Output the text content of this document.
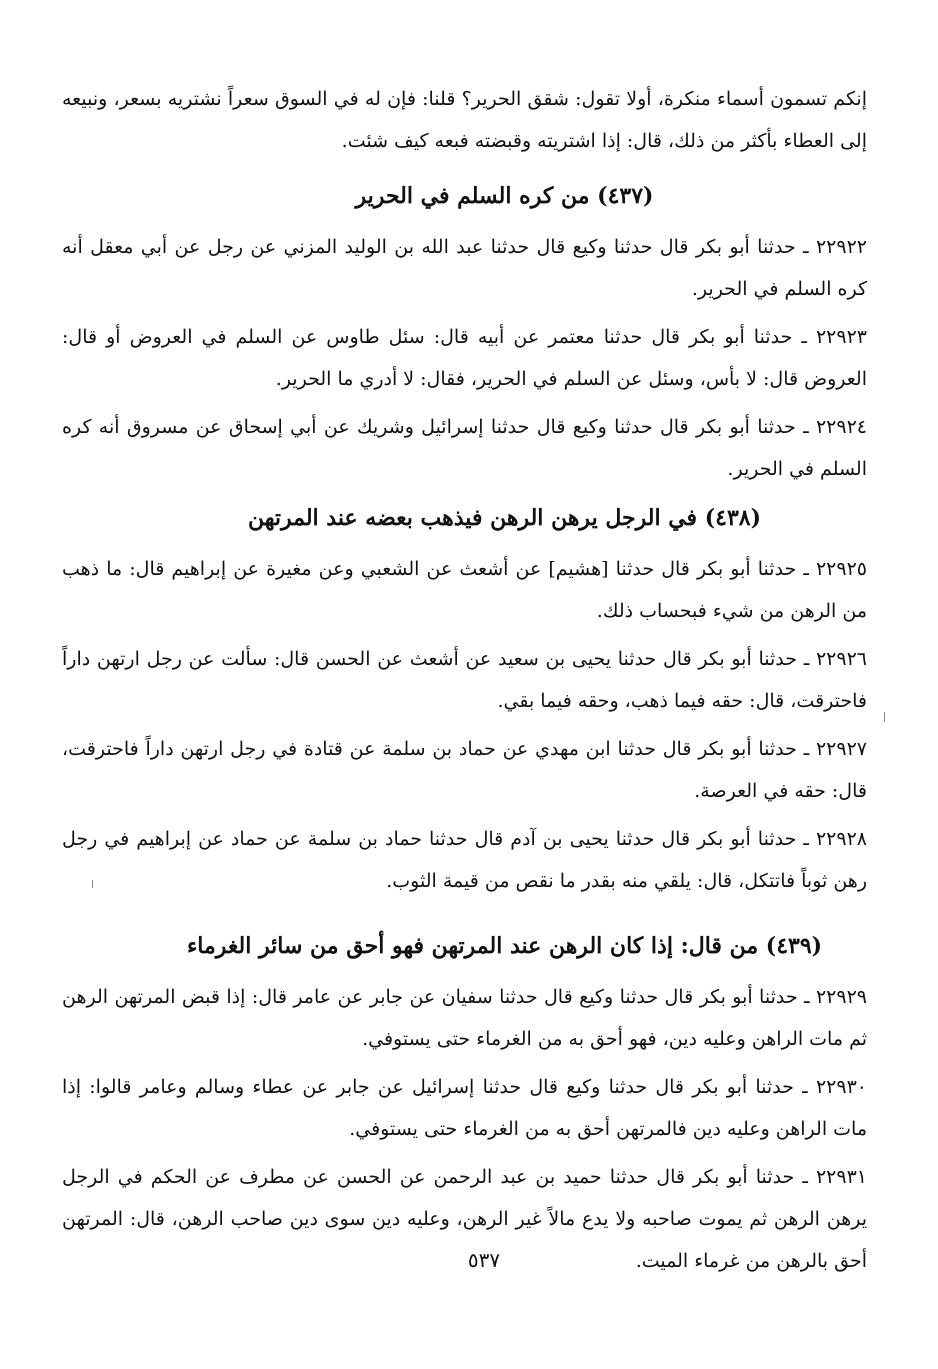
إنكم تسمون أسماء منكرة، أولا تقول: شقق الحرير؟ قلنا: فإن له في السوق سعراً نشتريه بسعر، ونبيعه إلى العطاء بأكثر من ذلك، قال: إذا اشتريته وقبضته فبعه كيف شئت.

(٤٣٧) من كره السلم في الحرير

٢٢٩٢٢ ـ حدثنا أبو بكر قال حدثنا وكيع قال حدثنا عبد الله بن الوليد المزني عن رجل عن أبي معقل أنه كره السلم في الحرير.

٢٢٩٢٣ ـ حدثنا أبو بكر قال حدثنا معتمر عن أبيه قال: سئل طاوس عن السلم في العروض أو قال: العروض قال: لا بأس، وسئل عن السلم في الحرير، فقال: لا أدري ما الحرير.

٢٢٩٢٤ ـ حدثنا أبو بكر قال حدثنا وكيع قال حدثنا إسرائيل وشريك عن أبي إسحاق عن مسروق أنه كره السلم في الحرير.

(٤٣٨) في الرجل يرهن الرهن فيذهب بعضه عند المرتهن

٢٢٩٢٥ ـ حدثنا أبو بكر قال حدثنا [هشيم] عن أشعث عن الشعبي وعن مغيرة عن إبراهيم قال: ما ذهب من الرهن من شيء فبحساب ذلك.

٢٢٩٢٦ ـ حدثنا أبو بكر قال حدثنا يحيى بن سعيد عن أشعث عن الحسن قال: سألت عن رجل ارتهن داراً فاحترقت، قال: حقه فيما ذهب، وحقه فيما بقي.

٢٢٩٢٧ ـ حدثنا أبو بكر قال حدثنا ابن مهدي عن حماد بن سلمة عن قتادة في رجل ارتهن داراً فاحترقت، قال: حقه في العرصة.

٢٢٩٢٨ ـ حدثنا أبو بكر قال حدثنا يحيى بن آدم قال حدثنا حماد بن سلمة عن حماد عن إبراهيم في رجل رهن ثوباً فاتتكل، قال: يلقي منه بقدر ما نقص من قيمة الثوب.

(٤٣٩) من قال: إذا كان الرهن عند المرتهن فهو أحق من سائر الغرماء

٢٢٩٢٩ ـ حدثنا أبو بكر قال حدثنا وكيع قال حدثنا سفيان عن جابر عن عامر قال: إذا قبض المرتهن الرهن ثم مات الراهن وعليه دين، فهو أحق به من الغرماء حتى يستوفي.

٢٢٩٣٠ ـ حدثنا أبو بكر قال حدثنا وكيع قال حدثنا إسرائيل عن جابر عن عطاء وسالم وعامر قالوا: إذا مات الراهن وعليه دين فالمرتهن أحق به من الغرماء حتى يستوفي.

٢٢٩٣١ ـ حدثنا أبو بكر قال حدثنا حميد بن عبد الرحمن عن الحسن عن مطرف عن الحكم في الرجل يرهن الرهن ثم يموت صاحبه ولا يدع مالاً غير الرهن، وعليه دين سوى دين صاحب الرهن، قال: المرتهن أحق بالرهن من غرماء الميت.

٥٣٧
